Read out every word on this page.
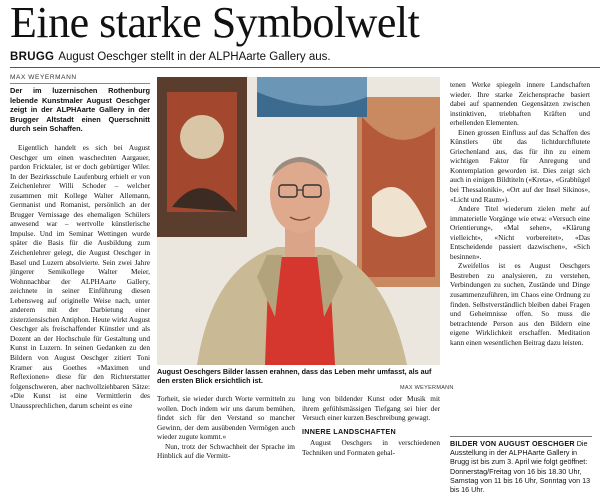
Eine starke Symbolwelt
BRUGG August Oeschger stellt in der ALPHAarte Gallery aus.
MAX WEYERMANN
Der im luzernischen Rothenburg lebende Kunstmaler August Oeschger zeigt in der ALPHAarte Gallery in der Brugger Altstadt einen Querschnitt durch sein Schaffen.

Eigentlich handelt es sich bei August Oeschger um einen waschechten Aargauer, pardon Fricktaler, ist er doch gebürtiger Wiler. In der Bezirksschule Laufenburg erhielt er von Zeichenlehrer Willi Schoder – welcher zusammen mit Kollege Walter Allemann, Germanist und Romanist, persönlich an der Brugger Vernissage des ehemaligen Schülers anwesend war – wertvolle künstlerische Impulse. Und im Seminar Wettingen wurde später die Basis für die Ausbildung zum Zeichenlehrer gelegt, die August Oeschger in Basel und Luzern absolvierte. Sein zwei Jahre jüngerer Semikollege Walter Meier, Wohnnachbar der ALPHAarte Gallery, zeichnete in seiner Einführung diesen Lebensweg auf originelle Weise nach, unter anderem mit der Darbietung einer zisterziensischen Antiphon. Heute wirkt August Oeschger als freischaffender Künstler und als Dozent an der Hochschule für Gestaltung und Kunst in Luzern. In seinen Gedanken zu den Bildern von August Oeschger zitiert Toni Kramer aus Goethes «Maximen und Reflexionen» diese für den Richterstatter folgenschweren, aber nachvollziehbaren Sätze: «Die Kunst ist eine Vermittlerin des Unaussprechlichen, darum scheint es eine

August Oeschgers Bilder lassen erahnen, dass das Leben mehr umfasst, als auf den ersten Blick ersichtlich ist.
MAX WEYERMANN

Torheit, sie wieder durch Worte vermitteln zu wollen. Doch indem wir uns darum bemühen, findet sich für den Verstand so mancher Gewinn, der dem ausübenden Vermögen auch wieder zugute kommt.»

Nun, trotz der Schwachheit der Sprache im Hinblick auf die Vermitt-

lung von bildender Kunst oder Musik mit ihrem gefühlsmässigen Tiefgang sei hier der Versuch einer kurzen Beschreibung gewagt.

INNERE LANDSCHAFTEN

August Oeschgers in verschiedenen Techniken und Formaten gehal-

tenen Werke spiegeln innere Landschaften wieder. Ihre starke Zeichensprache basiert dabei auf spannenden Gegensätzen zwischen instinktiven, triebhaften Kräften und erhellenden Elementen.

Einen grossen Einfluss auf das Schaffen des Künstlers übt das lichtdurchflutete Griechenland aus, das für ihn zu einem wichtigen Faktor für Anregung und Kontemplation geworden ist. Dies zeigt sich auch in einigen Bildtiteln («Kreta», «Grabhügel bei Thessaloniki», «Ort auf der Insel Sikinos», «Licht und Raum»).

Andere Titel wiederum zielen mehr auf immaterielle Vorgänge wie etwa: «Versuch eine Orientierung», «Mal sehen», «Klärung vielleicht», «Nicht vorbereitet», «Das Entscheidende passiert dazwischen», «Sich besinnen».

Zweifellos ist es August Oeschgers Bestreben zu analysieren, zu verstehen, Verbindungen zu suchen, Zustände und Dinge zusammenzuführen, im Chaos eine Ordnung zu finden. Selbstverständlich bleiben dabei Fragen und Geheimnisse offen. So muss die betrachtende Person aus den Bildern eine eigene Wirklichkeit erschaffen. Meditation kann einen wesentlichen Beitrag dazu leisten.

BILDER VON AUGUST OESCHGER Die Ausstellung in der ALPHAarte Gallery in Brugg ist bis zum 3. April wie folgt geöffnet: Donnerstag/Freitag von 16 bis 18.30 Uhr, Samstag von 11 bis 16 Uhr, Sonntag von 13 bis 16 Uhr.
